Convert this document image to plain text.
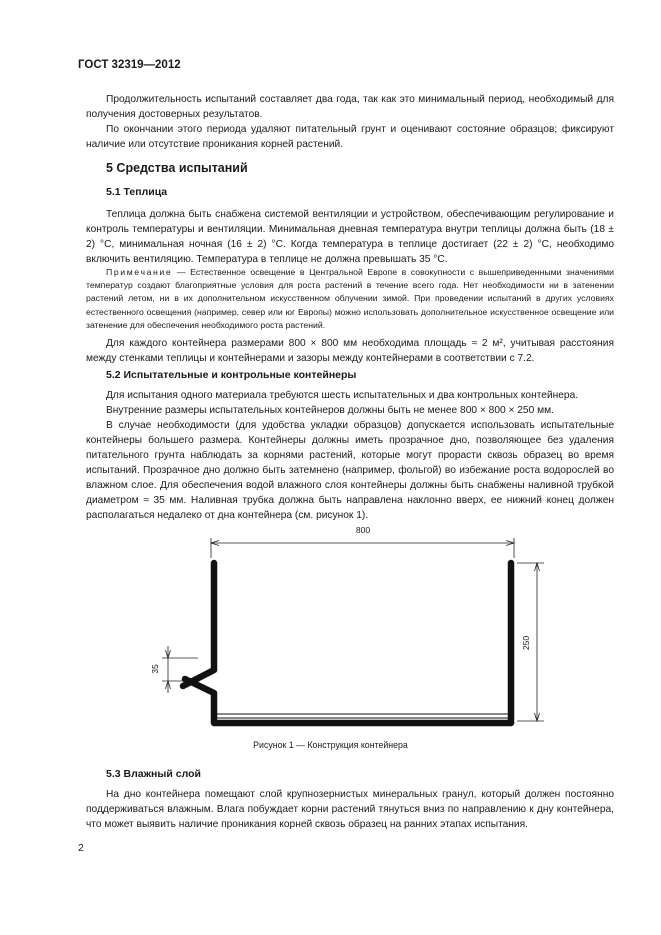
ГОСТ 32319—2012

Продолжительность испытаний составляет два года, так как это минимальный период, необходимый для получения достоверных результатов.

По окончании этого периода удаляют питательный грунт и оценивают состояние образцов; фиксируют наличие или отсутствие проникания корней растений.

5 Средства испытаний
5.1 Теплица

Теплица должна быть снабжена системой вентиляции и устройством, обеспечивающим регулирование и контроль температуры и вентиляции. Минимальная дневная температура внутри теплицы должна быть (18 ± 2) °С, минимальная ночная (16 ± 2) °С. Когда температура в теплице достигает (22 ± 2) °С, необходимо включить вентиляцию. Температура в теплице не должна превышать 35 °С.

Примечание — Естественное освещение в Центральной Европе в совокупности с вышеприведенными значениями температур создают благоприятные условия для роста растений в течение всего года. Нет необходимости ни в затенении растений летом, ни в их дополнительном искусственном облучении зимой. При проведении испытаний в других условиях естественного освещения (например, север или юг Европы) можно использовать дополнительное искусственное освещение или затенение для обеспечения необходимого роста растений.

Для каждого контейнера размерами 800 × 800 мм необходима площадь ≈ 2 м², учитывая расстояния между стенками теплицы и контейнерами и зазоры между контейнерами в соответствии с 7.2.

5.2 Испытательные и контрольные контейнеры

Для испытания одного материала требуются шесть испытательных и два контрольных контейнера.

Внутренние размеры испытательных контейнеров должны быть не менее 800 × 800 × 250 мм.

В случае необходимости (для удобства укладки образцов) допускается использовать испытательные контейнеры большего размера. Контейнеры должны иметь прозрачное дно, позволяющее без удаления питательного грунта наблюдать за корнями растений, которые могут прорасти сквозь образец во время испытаний. Прозрачное дно должно быть затемнено (например, фольгой) во избежание роста водорослей во влажном слое. Для обеспечения водой влажного слоя контейнеры должны быть снабжены наливной трубкой диаметром ≈ 35 мм. Наливная трубка должна быть направлена наклонно вверх, ее нижний конец должен располагаться недалеко от дна контейнера (см. рисунок 1).

800
250
35
Рисунок 1 — Конструкция контейнера
5.3 Влажный слой

На дно контейнера помещают слой крупнозернистых минеральных гранул, который должен постоянно поддерживаться влажным. Влага побуждает корни растений тянуться вниз по направлению к дну контейнера, что может выявить наличие проникания корней сквозь образец на ранних этапах испытания.

2
